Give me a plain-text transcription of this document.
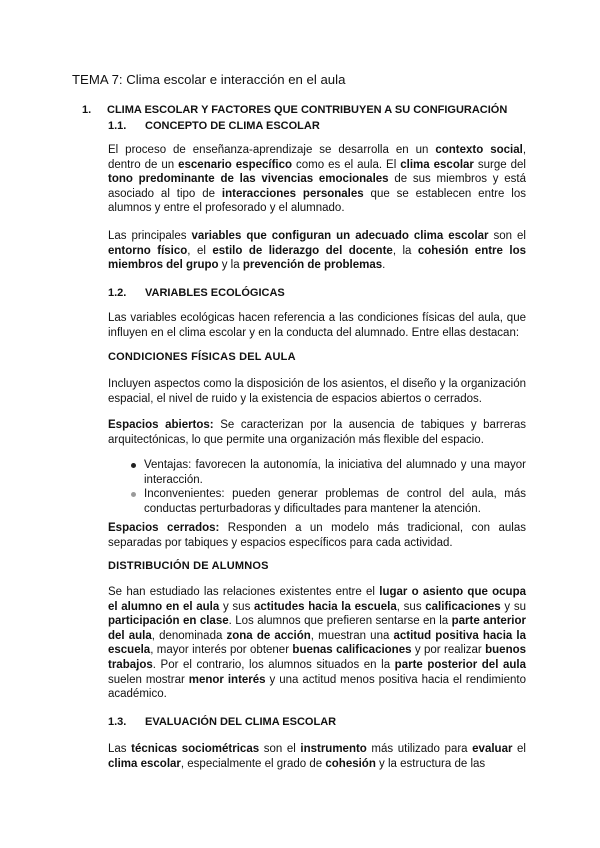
TEMA 7: Clima escolar e interacción en el aula
1. CLIMA ESCOLAR Y FACTORES QUE CONTRIBUYEN A SU CONFIGURACIÓN
1.1. CONCEPTO DE CLIMA ESCOLAR

El proceso de enseñanza-aprendizaje se desarrolla en un contexto social, dentro de un escenario específico como es el aula. El clima escolar surge del tono predominante de las vivencias emocionales de sus miembros y está asociado al tipo de interacciones personales que se establecen entre los alumnos y entre el profesorado y el alumnado.

Las principales variables que configuran un adecuado clima escolar son el entorno físico, el estilo de liderazgo del docente, la cohesión entre los miembros del grupo y la prevención de problemas.

1.2. VARIABLES ECOLÓGICAS

Las variables ecológicas hacen referencia a las condiciones físicas del aula, que influyen en el clima escolar y en la conducta del alumnado. Entre ellas destacan:

CONDICIONES FÍSICAS DEL AULA

Incluyen aspectos como la disposición de los asientos, el diseño y la organización espacial, el nivel de ruido y la existencia de espacios abiertos o cerrados.

Espacios abiertos: Se caracterizan por la ausencia de tabiques y barreras arquitectónicas, lo que permite una organización más flexible del espacio.

Ventajas: favorecen la autonomía, la iniciativa del alumnado y una mayor interacción.
Inconvenientes: pueden generar problemas de control del aula, más conductas perturbadoras y dificultades para mantener la atención.

Espacios cerrados: Responden a un modelo más tradicional, con aulas separadas por tabiques y espacios específicos para cada actividad.

DISTRIBUCIÓN DE ALUMNOS

Se han estudiado las relaciones existentes entre el lugar o asiento que ocupa el alumno en el aula y sus actitudes hacia la escuela, sus calificaciones y su participación en clase. Los alumnos que prefieren sentarse en la parte anterior del aula, denominada zona de acción, muestran una actitud positiva hacia la escuela, mayor interés por obtener buenas calificaciones y por realizar buenos trabajos. Por el contrario, los alumnos situados en la parte posterior del aula suelen mostrar menor interés y una actitud menos positiva hacia el rendimiento académico.

1.3. EVALUACIÓN DEL CLIMA ESCOLAR

Las técnicas sociométricas son el instrumento más utilizado para evaluar el clima escolar, especialmente el grado de cohesión y la estructura de las
